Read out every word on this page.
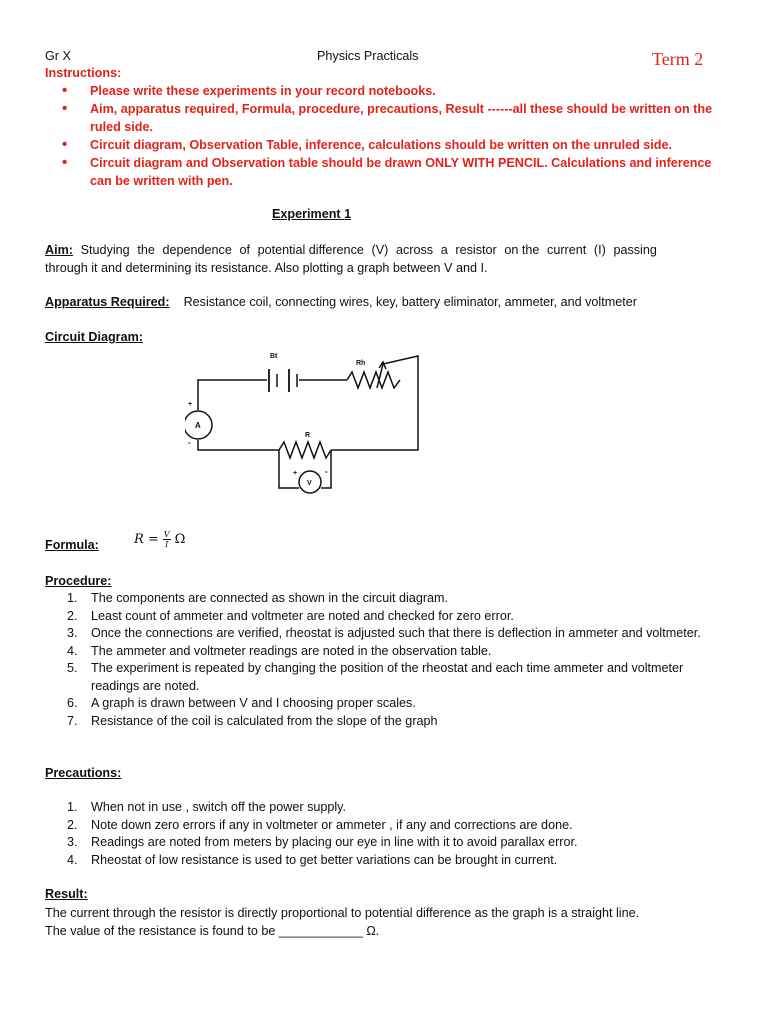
Gr X	Physics Practicals	Term 2
Instructions:
• Please write these experiments in your record notebooks.
• Aim, apparatus required, Formula, procedure, precautions, Result ------all these should be written on the ruled side.
• Circuit diagram, Observation Table, inference, calculations should be written on the unruled side.
• Circuit diagram and Observation table should be drawn ONLY WITH PENCIL. Calculations and inference can be written with pen.
Experiment 1
Aim: Studying the dependence of potential difference (V) across a resistor on the current (I) passing
through it and determining its resistance. Also plotting a graph between V and I.
Apparatus Required: Resistance coil, connecting wires, key, battery eliminator, ammeter, and voltmeter
Circuit Diagram:
Bt
Rh
R
A
V
+
-
+	-
Formula:	$R = \frac{V}{I}$ Ω
Procedure:
1.	The components are connected as shown in the circuit diagram.
2.	Least count of ammeter and voltmeter are noted and checked for zero error.
3.	Once the connections are verified, rheostat is adjusted such that there is deflection in ammeter and voltmeter.
4.	The ammeter and voltmeter readings are noted in the observation table.
5.	The experiment is repeated by changing the position of the rheostat and each time ammeter and voltmeter readings are noted.
6.	A graph is drawn between V and I choosing proper scales.
7.	Resistance of the coil is calculated from the slope of the graph
Precautions:
1.	When not in use , switch off the power supply.
2.	Note down zero errors if any in voltmeter or ammeter , if any and corrections are done.
3.	Readings are noted from meters by placing our eye in line with it to avoid parallax error.
4.	Rheostat of low resistance is used to get better variations can be brought in current.
Result:
The current through the resistor is directly proportional to potential difference as the graph is a straight line.
The value of the resistance is found to be ____________ Ω.
